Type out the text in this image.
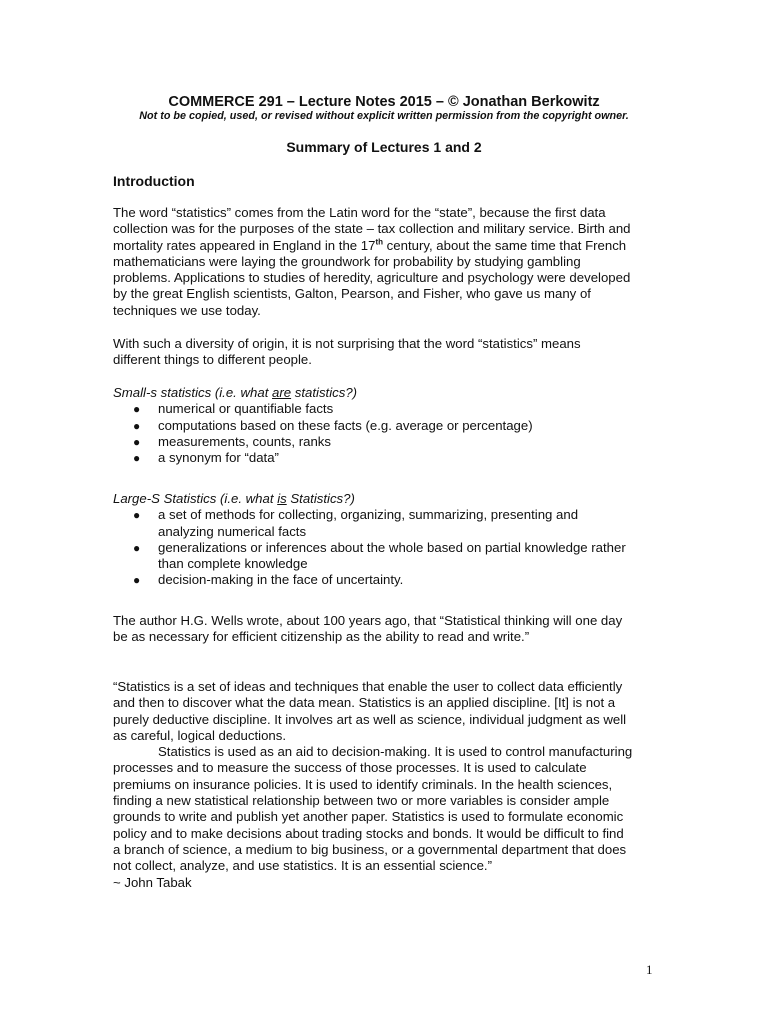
COMMERCE 291 – Lecture Notes 2015 – © Jonathan Berkowitz
Not to be copied, used, or revised without explicit written permission from the copyright owner.
Summary of Lectures 1 and 2
Introduction
The word “statistics” comes from the Latin word for the “state”, because the first data
collection was for the purposes of the state – tax collection and military service. Birth and
mortality rates appeared in England in the 17th century, about the same time that French
mathematicians were laying the groundwork for probability by studying gambling
problems. Applications to studies of heredity, agriculture and psychology were developed
by the great English scientists, Galton, Pearson, and Fisher, who gave us many of
techniques we use today.
With such a diversity of origin, it is not surprising that the word “statistics” means
different things to different people.
Small-s statistics (i.e. what are statistics?)
● numerical or quantifiable facts
● computations based on these facts (e.g. average or percentage)
● measurements, counts, ranks
● a synonym for “data”
Large-S Statistics (i.e. what is Statistics?)
● a set of methods for collecting, organizing, summarizing, presenting and
analyzing numerical facts
● generalizations or inferences about the whole based on partial knowledge rather
than complete knowledge
● decision-making in the face of uncertainty.
The author H.G. Wells wrote, about 100 years ago, that “Statistical thinking will one day
be as necessary for efficient citizenship as the ability to read and write.”
“Statistics is a set of ideas and techniques that enable the user to collect data efficiently
and then to discover what the data mean. Statistics is an applied discipline. [It] is not a
purely deductive discipline. It involves art as well as science, individual judgment as well
as careful, logical deductions.
Statistics is used as an aid to decision-making. It is used to control manufacturing
processes and to measure the success of those processes. It is used to calculate
premiums on insurance policies. It is used to identify criminals. In the health sciences,
finding a new statistical relationship between two or more variables is consider ample
grounds to write and publish yet another paper. Statistics is used to formulate economic
policy and to make decisions about trading stocks and bonds. It would be difficult to find
a branch of science, a medium to big business, or a governmental department that does
not collect, analyze, and use statistics. It is an essential science.”
~ John Tabak
1
